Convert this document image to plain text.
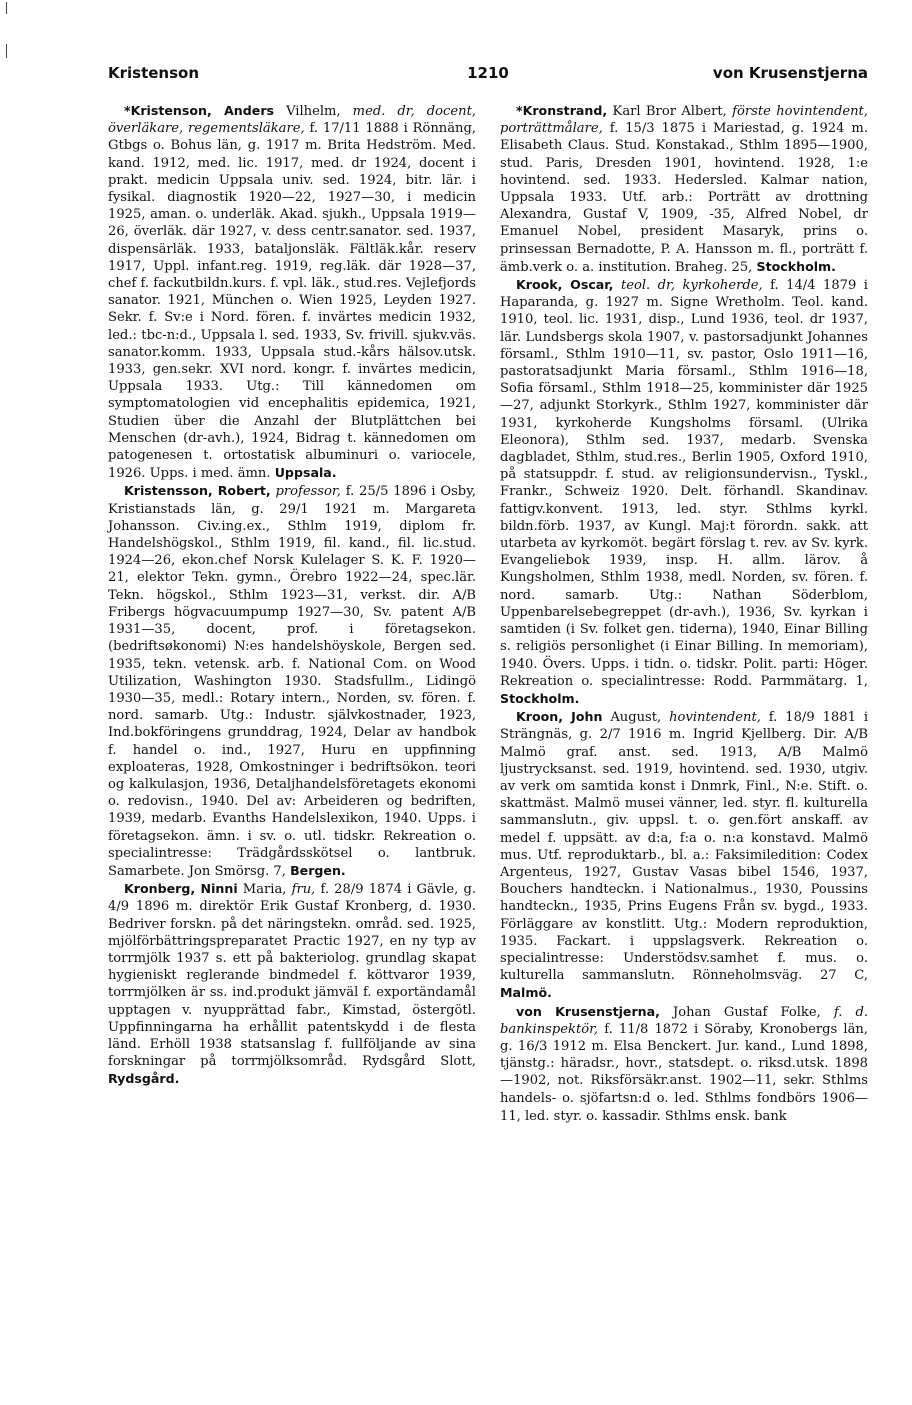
Kristenson	1210	von Krusenstjerna

*Kristenson, Anders Vilhelm, med. dr, docent, överläkare, regementsläkare, f. 17/11 1888 i Rönnäng, Gtbgs o. Bohus län, g. 1917 m. Brita Hedström. Med. kand. 1912, med. lic. 1917, med. dr 1924, docent i prakt. medicin Uppsala univ. sed. 1924, bitr. lär. i fysikal. diagnostik 1920—22, 1927—30, i medicin 1925, aman. o. underläk. Akad. sjukh., Uppsala 1919—26, överläk. där 1927, v. dess centr.sanator. sed. 1937, dispensärläk. 1933, bataljonsläk. Fältläk.kår. reserv 1917, Uppl. infant.reg. 1919, reg.läk. där 1928—37, chef f. fackutbildn.kurs. f. vpl. läk., stud.res. Vejlefjords sanator. 1921, München o. Wien 1925, Leyden 1927. Sekr. f. Sv:e i Nord. fören. f. invärtes medicin 1932, led.: tbc-n:d., Uppsala l. sed. 1933, Sv. frivill. sjukv.väs. sanator.komm. 1933, Uppsala stud.-kårs hälsov.utsk. 1933, gen.sekr. XVI nord. kongr. f. invärtes medicin, Uppsala 1933. Utg.: Till kännedomen om symptomatologien vid encephalitis epidemica, 1921, Studien über die Anzahl der Blutplättchen bei Menschen (dr-avh.), 1924, Bidrag t. kännedomen om patogenesen t. ortostatisk albuminuri o. variocele, 1926. Upps. i med. ämn. Uppsala.

Kristensson, Robert, professor, f. 25/5 1896 i Osby, Kristianstads län, g. 29/1 1921 m. Margareta Johansson. Civ.ing.ex., Sthlm 1919, diplom fr. Handelshögskol., Sthlm 1919, fil. kand., fil. lic.stud. 1924—26, ekon.chef Norsk Kulelager S. K. F. 1920—21, elektor Tekn. gymn., Örebro 1922—24, spec.lär. Tekn. högskol., Sthlm 1923—31, verkst. dir. A/B Fribergs högvacuumpump 1927—30, Sv. patent A/B 1931—35, docent, prof. i företagsekon. (bedriftsøkonomi) N:es handelshöyskole, Bergen sed. 1935, tekn. vetensk. arb. f. National Com. on Wood Utilization, Washington 1930. Stadsfullm., Lidingö 1930—35, medl.: Rotary intern., Norden, sv. fören. f. nord. samarb. Utg.: Industr. självkostnader, 1923, Ind.bokföringens grunddrag, 1924, Delar av handbok f. handel o. ind., 1927, Huru en uppfinning exploateras, 1928, Omkostninger i bedriftsökon. teori og kalkulasjon, 1936, Detaljhandelsföretagets ekonomi o. redovisn., 1940. Del av: Arbeideren og bedriften, 1939, medarb. Evanths Handelslexikon, 1940. Upps. i företagsekon. ämn. i sv. o. utl. tidskr. Rekreation o. specialintresse: Trädgårdsskötsel o. lantbruk. Samarbete. Jon Smörsg. 7, Bergen.

Kronberg, Ninni Maria, fru, f. 28/9 1874 i Gävle, g. 4/9 1896 m. direktör Erik Gustaf Kronberg, d. 1930. Bedriver forskn. på det näringstekn. områd. sed. 1925, mjölförbättringspreparatet Practic 1927, en ny typ av torrmjölk 1937 s. ett på bakteriolog. grundlag skapat hygieniskt reglerande bindmedel f. köttvaror 1939, torrmjölken är ss. ind.produkt jämväl f. exportändamål upptagen v. nyupprättad fabr., Kimstad, östergötl. Uppfinningarna ha erhållit patentskydd i de flesta länd. Erhöll 1938 statsanslag f. fullföljande av sina forskningar på torrmjölksområd. Rydsgård Slott, Rydsgård.

*Kronstrand, Karl Bror Albert, förste hovintendent, porträttmålare, f. 15/3 1875 i Mariestad, g. 1924 m. Elisabeth Claus. Stud. Konstakad., Sthlm 1895—1900, stud. Paris, Dresden 1901, hovintend. 1928, 1:e hovintend. sed. 1933. Hedersled. Kalmar nation, Uppsala 1933. Utf. arb.: Porträtt av drottning Alexandra, Gustaf V, 1909, -35, Alfred Nobel, dr Emanuel Nobel, president Masaryk, prins o. prinsessan Bernadotte, P. A. Hansson m. fl., porträtt f. ämb.verk o. a. institution. Braheg. 25, Stockholm.

Krook, Oscar, teol. dr, kyrkoherde, f. 14/4 1879 i Haparanda, g. 1927 m. Signe Wretholm. Teol. kand. 1910, teol. lic. 1931, disp., Lund 1936, teol. dr 1937, lär. Lundsbergs skola 1907, v. pastorsadjunkt Johannes församl., Sthlm 1910—11, sv. pastor, Oslo 1911—16, pastoratsadjunkt Maria församl., Sthlm 1916—18, Sofia församl., Sthlm 1918—25, komminister där 1925—27, adjunkt Storkyrk., Sthlm 1927, komminister där 1931, kyrkoherde Kungsholms församl. (Ulrika Eleonora), Sthlm sed. 1937, medarb. Svenska dagbladet, Sthlm, stud.res., Berlin 1905, Oxford 1910, på statsuppdr. f. stud. av religionsundervisn., Tyskl., Frankr., Schweiz 1920. Delt. förhandl. Skandinav. fattigv.konvent. 1913, led. styr. Sthlms kyrkl. bildn.förb. 1937, av Kungl. Maj:t förordn. sakk. att utarbeta av kyrkomöt. begärt förslag t. rev. av Sv. kyrk. Evangeliebok 1939, insp. H. allm. lärov. å Kungsholmen, Sthlm 1938, medl. Norden, sv. fören. f. nord. samarb. Utg.: Nathan Söderblom, Uppenbarelsebegreppet (dr-avh.), 1936, Sv. kyrkan i samtiden (i Sv. folket gen. tiderna), 1940, Einar Billing s. religiös personlighet (i Einar Billing. In memoriam), 1940. Övers. Upps. i tidn. o. tidskr. Polit. parti: Höger. Rekreation o. specialintresse: Rodd. Parmmätarg. 1, Stockholm.

Kroon, John August, hovintendent, f. 18/9 1881 i Strängnäs, g. 2/7 1916 m. Ingrid Kjellberg. Dir. A/B Malmö graf. anst. sed. 1913, A/B Malmö ljustrycksanst. sed. 1919, hovintend. sed. 1930, utgiv. av verk om samtida konst i Dnmrk, Finl., N:e. Stift. o. skattmäst. Malmö musei vänner, led. styr. fl. kulturella sammanslutn., giv. uppsl. t. o. gen.fört anskaff. av medel f. uppsätt. av d:a, f:a o. n:a konstavd. Malmö mus. Utf. reproduktarb., bl. a.: Faksimiledition: Codex Argenteus, 1927, Gustav Vasas bibel 1546, 1937, Bouchers handteckn. i Nationalmus., 1930, Poussins handteckn., 1935, Prins Eugens Från sv. bygd., 1933. Förläggare av konstlitt. Utg.: Modern reproduktion, 1935. Fackart. i uppslagsverk. Rekreation o. specialintresse: Understödsv.samhet f. mus. o. kulturella sammanslutn. Rönneholmsväg. 27 C, Malmö.

von Krusenstjerna, Johan Gustaf Folke, f. d. bankinspektör, f. 11/8 1872 i Söraby, Kronobergs län, g. 16/3 1912 m. Elsa Benckert. Jur. kand., Lund 1898, tjänstg.: häradsr., hovr., statsdept. o. riksd.utsk. 1898—1902, not. Riksförsäkr.anst. 1902—11, sekr. Sthlms handels- o. sjöfartsn:d o. led. Sthlms fondbörs 1906—11, led. styr. o. kassadir. Sthlms ensk. bank
